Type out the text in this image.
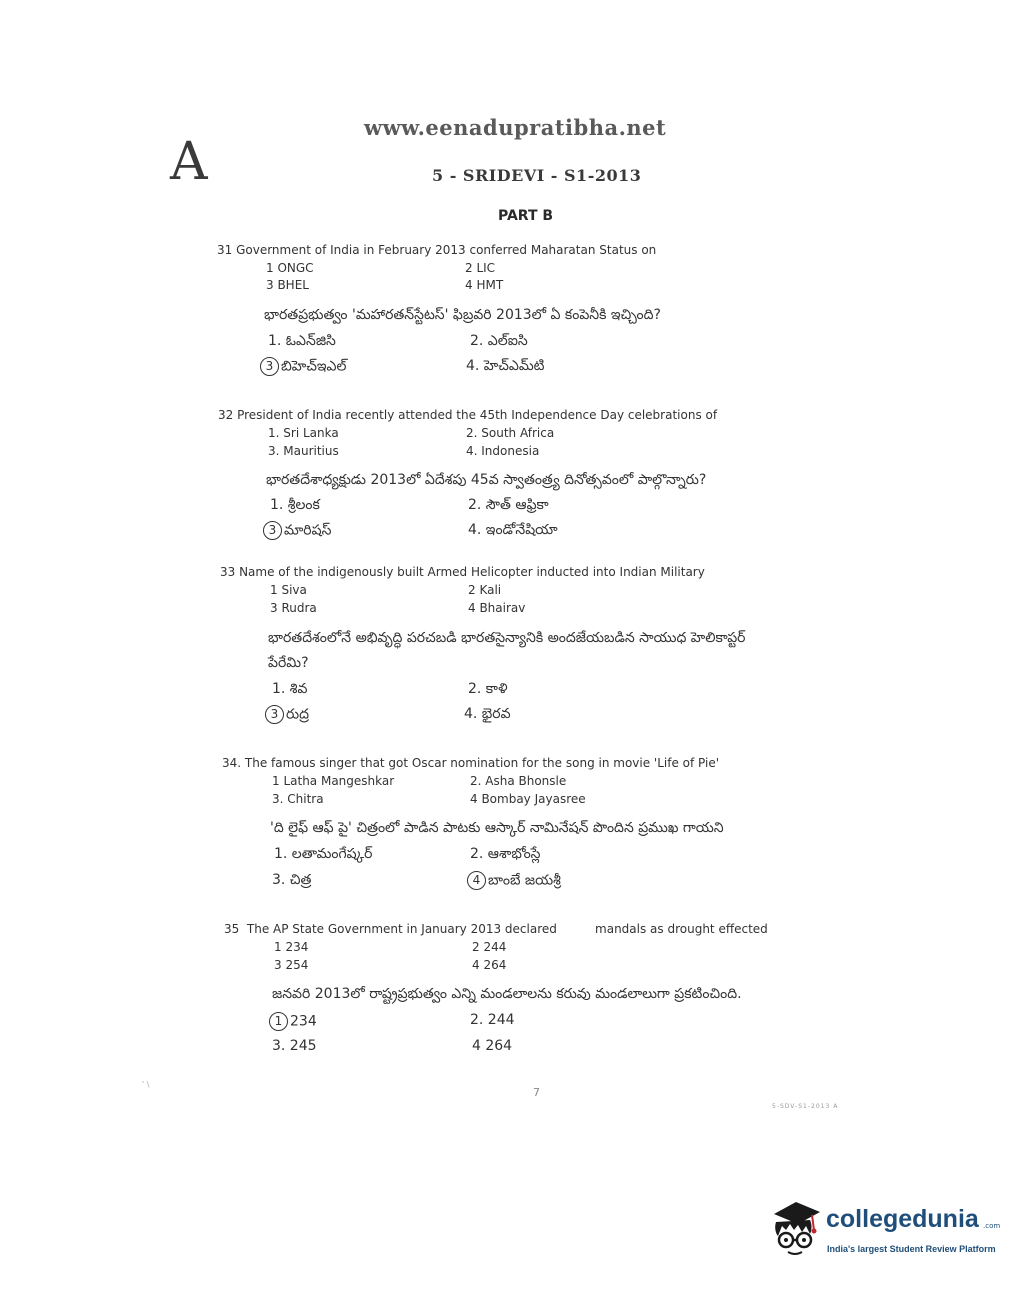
www.eenadupratibha.net
A	5 - SRIDEVI - S1-2013
PART B
31 Government of India in February 2013 conferred Maharatan Status on
1 ONGC	2 LIC
3 BHEL	4 HMT
భారతప్రభుత్వం 'మహారతన్‌స్టేటస్' ఫిబ్రవరి 2013లో ఏ కంపెనీకి ఇచ్చింది?
1. ఓఎన్‌జిసి	2. ఎల్ఐసి
3 బిహెచ్ఇఎల్	4. హెచ్ఎమ్‌టి
32 President of India recently attended the 45th Independence Day celebrations of
1. Sri Lanka	2. South Africa
3. Mauritius	4. Indonesia
భారతదేశాధ్యక్షుడు 2013లో ఏదేశపు 45వ స్వాతంత్ర్య దినోత్సవంలో పాల్గొన్నారు?
1. శ్రీలంక	2. సౌత్ ఆఫ్రికా
3 మారిషస్	4. ఇండోనేషియా
33 Name of the indigenously built Armed Helicopter inducted into Indian Military
1 Siva	2 Kali
3 Rudra	4 Bhairav
భారతదేశంలోనే అభివృద్ధి పరచబడి భారతసైన్యానికి అందజేయబడిన సాయుధ హెలికాప్టర్
పేరేమి?
1. శివ	2. కాళి
3 రుద్ర	4. భైరవ
34. The famous singer that got Oscar nomination for the song in movie 'Life of Pie'
1 Latha Mangeshkar	2. Asha Bhonsle
3. Chitra	4 Bombay Jayasree
'ది లైఫ్ ఆఫ్ పై' చిత్రంలో పాడిన పాటకు ఆస్కార్ నామినేషన్ పొందిన ప్రముఖ గాయని
1. లతామంగేష్కర్	2. ఆశాభోంస్లే
3. చిత్ర	4 బాంబే జయశ్రీ
35  The AP State Government in January 2013 declared          mandals as drought effected
1 234	2 244
3 254	4 264
జనవరి 2013లో రాష్ట్రప్రభుత్వం ఎన్ని మండలాలను కరువు మండలాలుగా ప్రకటించింది.
1 234	2. 244
3. 245	4 264
' \
7
5-SDV-S1-2013 A
collegedunia .com
India's largest Student Review Platform
